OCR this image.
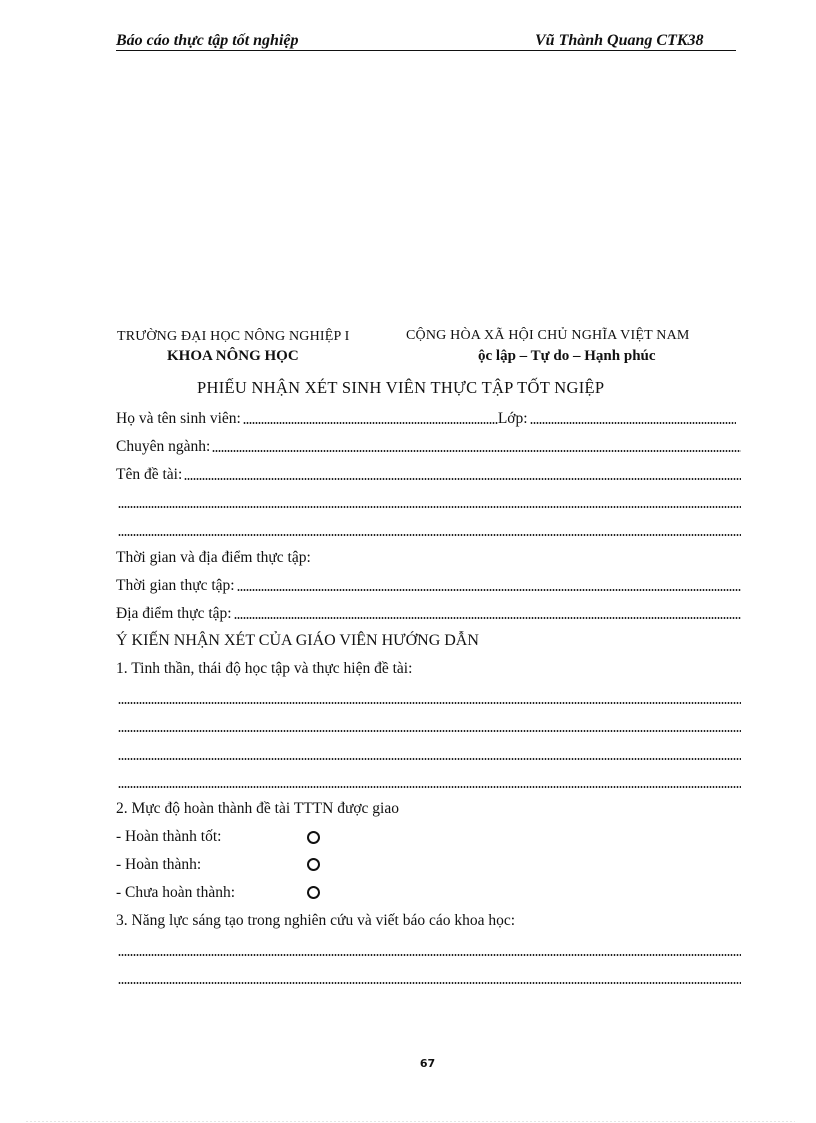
Báo cáo thực tập tốt nghiệp	Vũ Thành Quang CTK38
TRƯỜNG ĐẠI HỌC NÔNG NGHIỆP I	CỘNG HÒA XÃ HỘI CHỦ NGHĨA VIỆT NAM
KHOA NÔNG HỌC	ộc lập – Tự do – Hạnh phúc
PHIẾU NHẬN XÉT SINH VIÊN THỰC TẬP TỐT NGIỆP
Họ và tên sinh viên:	Lớp:
Chuyên ngành:
Tên đề tài:
Thời gian và địa điểm thực tập:
Thời gian thực tập:
Địa điểm thực tập:
Ý KIẾN NHẬN XÉT CỦA GIÁO VIÊN HƯỚNG DẪN
1. Tinh thần, thái độ học tập và thực hiện đề tài:
2. Mực độ hoàn thành đề tài TTTN được giao
- Hoàn thành tốt:
- Hoàn thành:
- Chưa hoàn thành:
3. Năng lực sáng tạo trong nghiên cứu và viết báo cáo khoa học:
67
